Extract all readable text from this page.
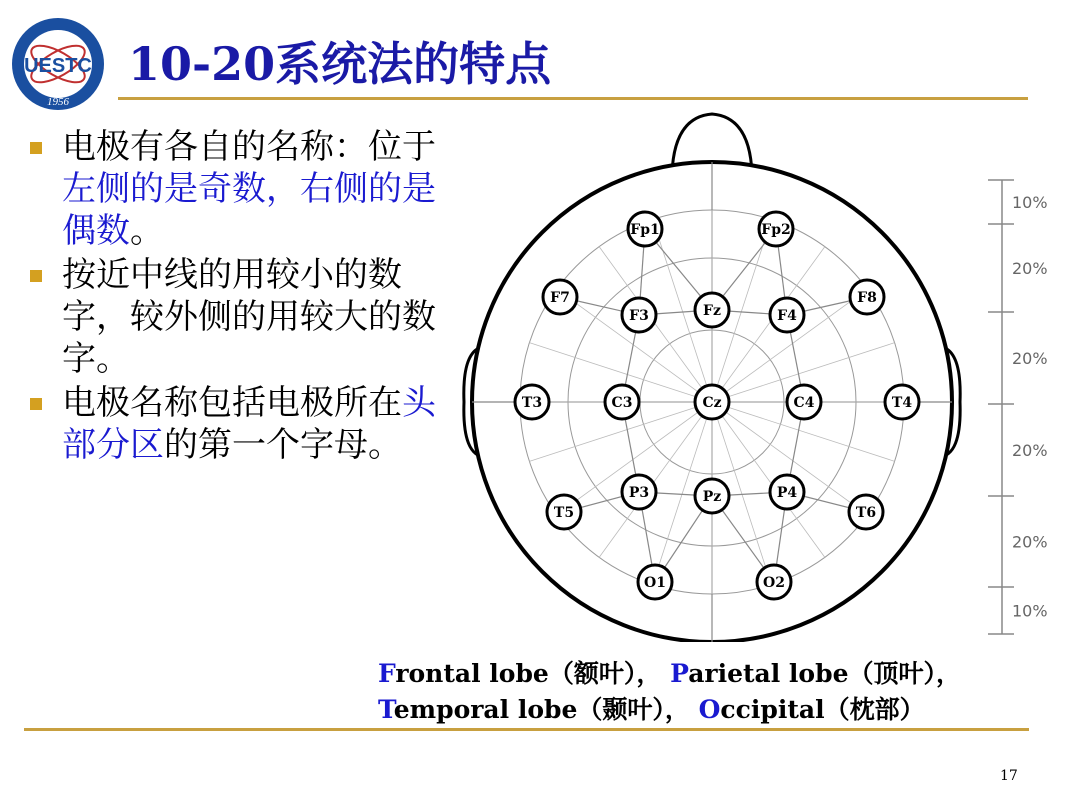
UESTC
1956
10-20系统法的特点
电极有各自的名称：位于左侧的是奇数，右侧的是偶数。
按近中线的用较小的数字，较外侧的用较大的数字。
电极名称包括电极所在头部分区的第一个字母。
Fp1	Fp2
F7
F3	Fz	F4
F8
T3	C3	Cz	C4	T4
P3	Pz	P4
T5	T6
O1	O2
10%
20%
20%
20%
20%
10%
Frontal lobe（额叶）， Parietal lobe（顶叶），
Temporal lobe（颞叶）， Occipital（枕部）
17
